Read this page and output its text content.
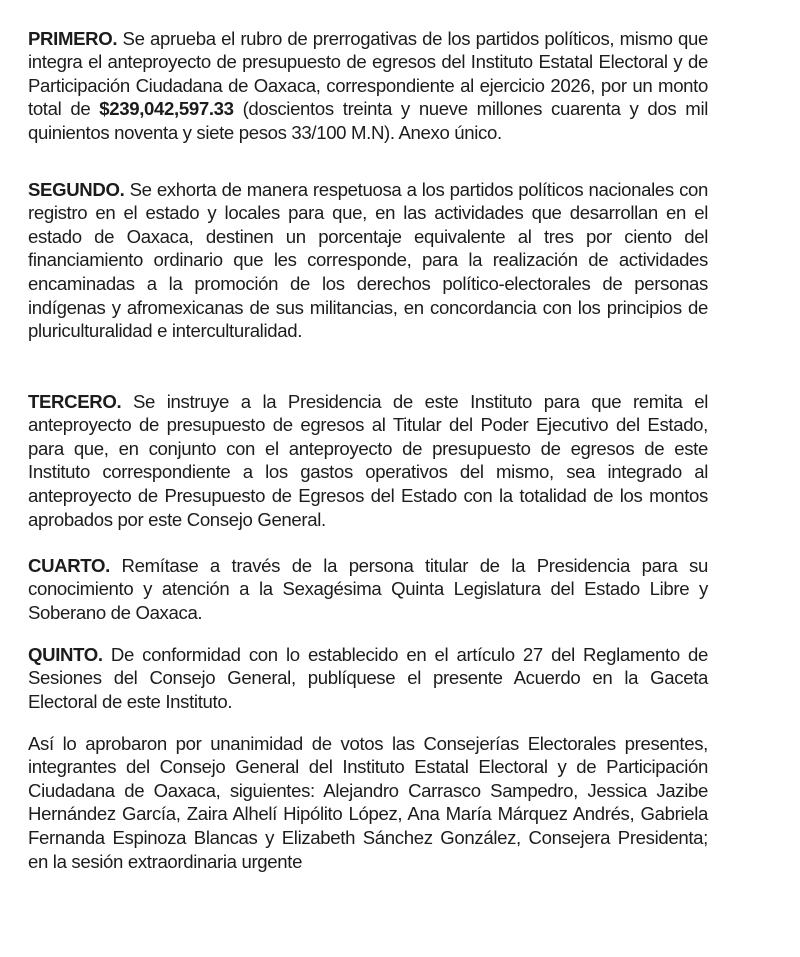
PRIMERO. Se aprueba el rubro de prerrogativas de los partidos políticos, mismo que integra el anteproyecto de presupuesto de egresos del Instituto Estatal Electoral y de Participación Ciudadana de Oaxaca, correspondiente al ejercicio 2026, por un monto total de $239,042,597.33 (doscientos treinta y nueve millones cuarenta y dos mil quinientos noventa y siete pesos 33/100 M.N). Anexo único.

SEGUNDO. Se exhorta de manera respetuosa a los partidos políticos nacionales con registro en el estado y locales para que, en las actividades que desarrollan en el estado de Oaxaca, destinen un porcentaje equivalente al tres por ciento del financiamiento ordinario que les corresponde, para la realización de actividades encaminadas a la promoción de los derechos político-electorales de personas indígenas y afromexicanas de sus militancias, en concordancia con los principios de pluriculturalidad e interculturalidad.

TERCERO. Se instruye a la Presidencia de este Instituto para que remita el anteproyecto de presupuesto de egresos al Titular del Poder Ejecutivo del Estado, para que, en conjunto con el anteproyecto de presupuesto de egresos de este Instituto correspondiente a los gastos operativos del mismo, sea integrado al anteproyecto de Presupuesto de Egresos del Estado con la totalidad de los montos aprobados por este Consejo General.

CUARTO. Remítase a través de la persona titular de la Presidencia para su conocimiento y atención a la Sexagésima Quinta Legislatura del Estado Libre y Soberano de Oaxaca.

QUINTO. De conformidad con lo establecido en el artículo 27 del Reglamento de Sesiones del Consejo General, publíquese el presente Acuerdo en la Gaceta Electoral de este Instituto.

Así lo aprobaron por unanimidad de votos las Consejerías Electorales presentes, integrantes del Consejo General del Instituto Estatal Electoral y de Participación Ciudadana de Oaxaca, siguientes: Alejandro Carrasco Sampedro, Jessica Jazibe Hernández García, Zaira Alhelí Hipólito López, Ana María Márquez Andrés, Gabriela Fernanda Espinoza Blancas y Elizabeth Sánchez González, Consejera Presidenta; en la sesión extraordinaria urgente
